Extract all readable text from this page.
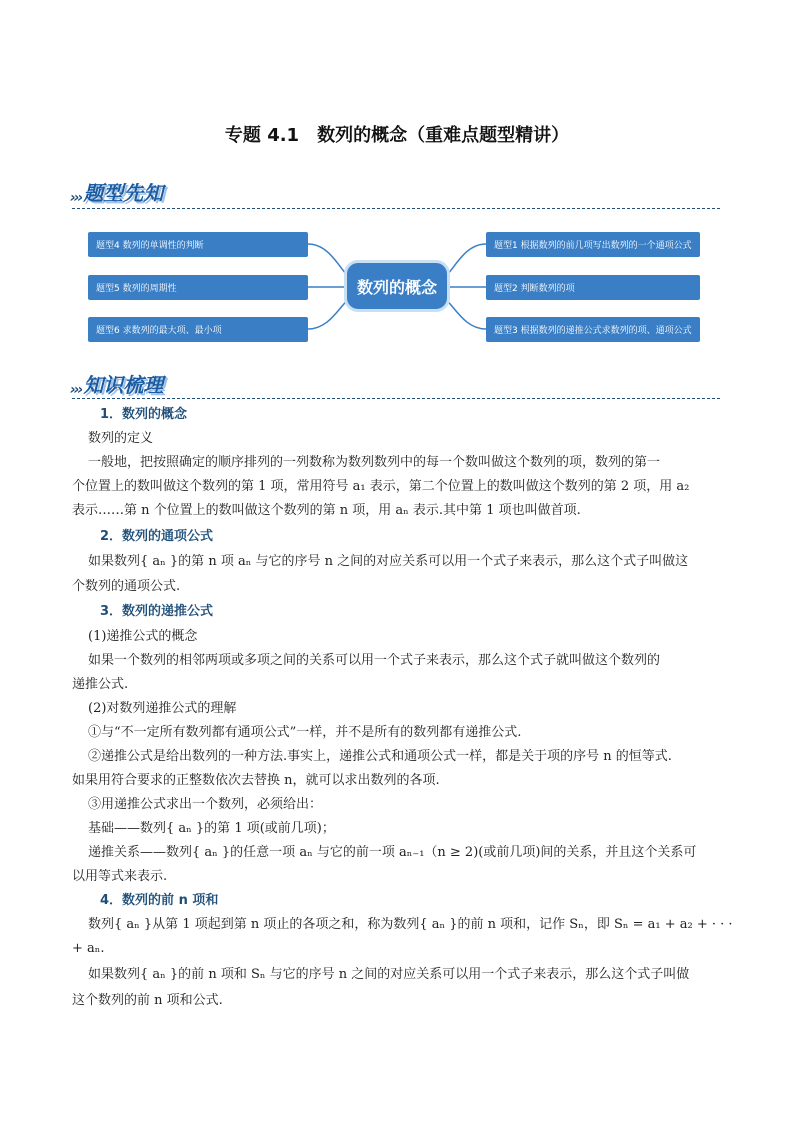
专题 4.1　数列的概念（重难点题型精讲）
››› 题型先知
题型4 数列的单调性的判断
题型5 数列的周期性
题型6 求数列的最大项、最小项
数列的概念
题型1 根据数列的前几项写出数列的一个通项公式
题型2 判断数列的项
题型3 根据数列的递推公式求数列的项、通项公式
››› 知识梳理
1．数列的概念
数列的定义
一般地，把按照确定的顺序排列的一列数称为数列数列中的每一个数叫做这个数列的项，数列的第一
个位置上的数叫做这个数列的第 1 项，常用符号 a₁ 表示，第二个位置上的数叫做这个数列的第 2 项，用 a₂
表示‥‥‥第 n 个位置上的数叫做这个数列的第 n 项，用 aₙ 表示.其中第 1 项也叫做首项.
2．数列的通项公式
如果数列{ aₙ }的第 n 项 aₙ 与它的序号 n 之间的对应关系可以用一个式子来表示，那么这个式子叫做这
个数列的通项公式.
3．数列的递推公式
(1)递推公式的概念
如果一个数列的相邻两项或多项之间的关系可以用一个式子来表示，那么这个式子就叫做这个数列的
递推公式.
(2)对数列递推公式的理解
①与“不一定所有数列都有通项公式”一样，并不是所有的数列都有递推公式.
②递推公式是给出数列的一种方法.事实上，递推公式和通项公式一样，都是关于项的序号 n 的恒等式.
如果用符合要求的正整数依次去替换 n，就可以求出数列的各项.
③用递推公式求出一个数列，必须给出：
基础——数列{ aₙ }的第 1 项(或前几项)；
递推关系——数列{ aₙ }的任意一项 aₙ 与它的前一项 aₙ₋₁（n ≥ 2)(或前几项)间的关系，并且这个关系可
以用等式来表示.
4．数列的前 n 项和
数列{ aₙ }从第 1 项起到第 n 项止的各项之和，称为数列{ aₙ }的前 n 项和，记作 Sₙ，即 Sₙ = a₁ + a₂ + · · ·
+ aₙ.
如果数列{ aₙ }的前 n 项和 Sₙ 与它的序号 n 之间的对应关系可以用一个式子来表示，那么这个式子叫做
这个数列的前 n 项和公式.
